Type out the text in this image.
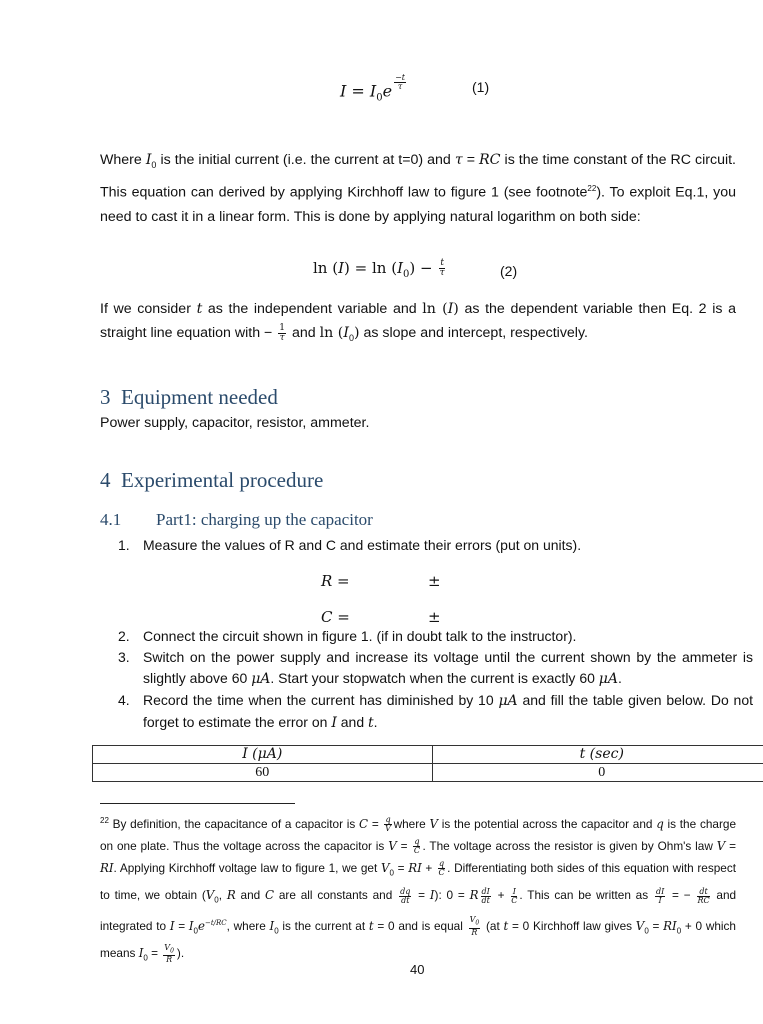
$I = I_0e$ $^{\frac{-t}{\tau}}$	(1)
Where $I_0$ is the initial current (i.e. the current at t=0) and τ = RC is the time constant of the RC circuit. This equation can derived by applying Kirchhoff law to figure 1 (see footnote$^{22}$). To exploit Eq.1, you need to cast it in a linear form. This is done by applying natural logarithm on both side:
$\ln (I) = \ln (I_0) - \frac{t}{\tau}$	(2)
If we consider t as the independent variable and ln (I) as the dependent variable then Eq. 2 is a straight line equation with − $\frac{1}{\tau}$ and $\ln (I_0)$ as slope and intercept, respectively.
3 Equipment needed
Power supply, capacitor, resistor, ammeter.
4 Experimental procedure
4.1 Part1: charging up the capacitor
1. Measure the values of R and C and estimate their errors (put on units).
R =	±
C =	±
2. Connect the circuit shown in figure 1. (if in doubt talk to the instructor).
3. Switch on the power supply and increase its voltage until the current shown by the ammeter is slightly above 60 μA. Start your stopwatch when the current is exactly 60 μA.
4. Record the time when the current has diminished by 10 μA and fill the table given below. Do not forget to estimate the error on I and t.
I (μA)	t (sec)
60	0
$^{22}$ By definition, the capacitance of a capacitor is $C = \frac{q}{V}$ where V is the potential across the capacitor and q is the charge on one plate. Thus the voltage across the capacitor is $V = \frac{q}{C}$ . The voltage across the resistor is given by Ohm's law V = RI. Applying Kirchhoff voltage law to figure 1, we get $V_0$ = RI + $\frac{q}{C}$ . Differentiating both sides of this equation with respect to time, we obtain ($V_0$, R and C are all constants and $\frac{dq}{dt} = I$): 0 = R $\frac{dI}{dt} + \frac{I}{C}$ . This can be written as $\frac{dI}{I}$ = − $\frac{dt}{RC}$ and integrated to $I = I_0e^{-t/RC}$, where $I_0$ is the current at t = 0 and is equal $\frac{V_0}{R} (at$ t = 0 Kirchhoff law gives $V_0 = RI_0 + 0$ which means $I_0 = \frac{V_0}{R}$ ).
40
